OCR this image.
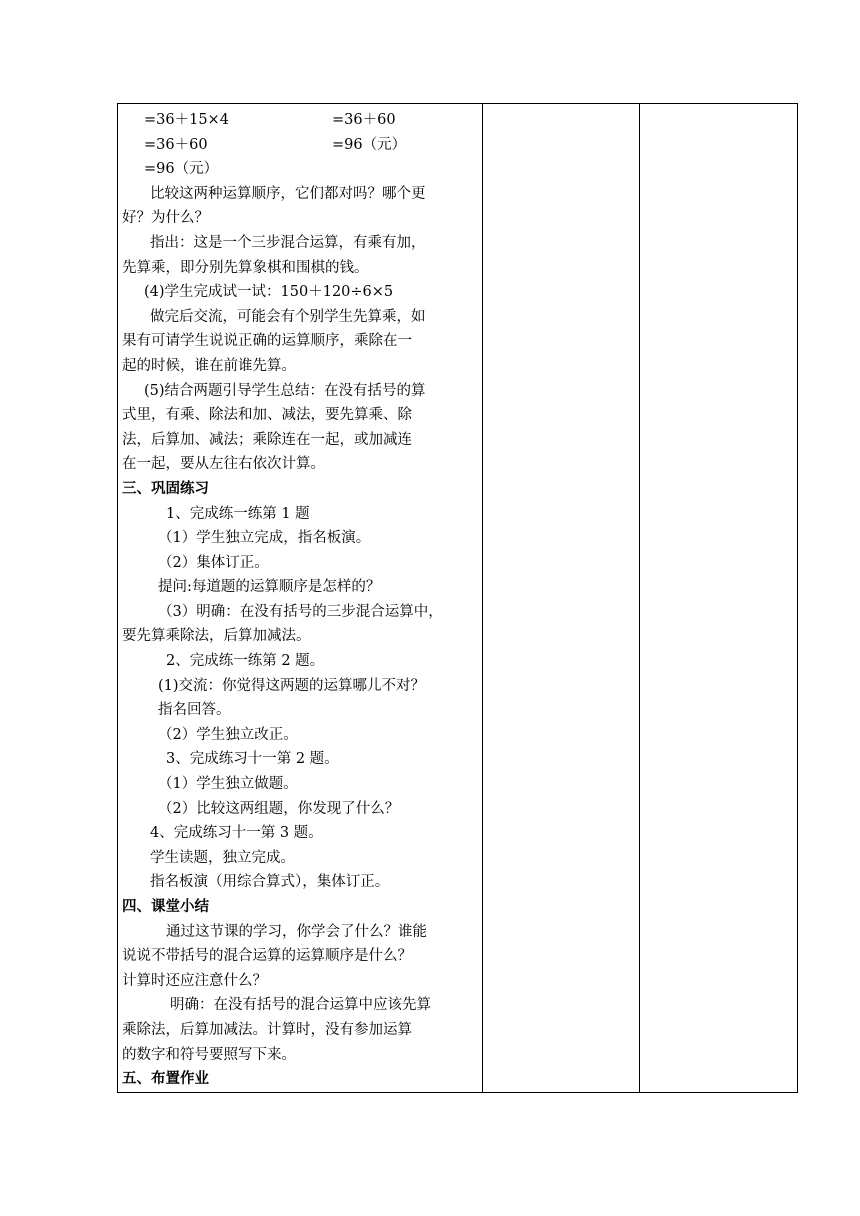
=36＋15×4	=36＋60
=36＋60	=96（元）
=96（元）
比较这两种运算顺序，它们都对吗？哪个更
好？为什么？
指出：这是一个三步混合运算，有乘有加，
先算乘，即分别先算象棋和围棋的钱。
(4)学生完成试一试：150＋120÷6×5
做完后交流，可能会有个别学生先算乘，如
果有可请学生说说正确的运算顺序，乘除在一
起的时候，谁在前谁先算。
(5)结合两题引导学生总结：在没有括号的算
式里，有乘、除法和加、减法，要先算乘、除
法，后算加、减法；乘除连在一起，或加减连
在一起，要从左往右依次计算。
三、巩固练习
1、完成练一练第 1 题
（1）学生独立完成，指名板演。
（2）集体订正。
提问:每道题的运算顺序是怎样的？
（3）明确：在没有括号的三步混合运算中，
要先算乘除法，后算加减法。
2、完成练一练第 2 题。
(1)交流：你觉得这两题的运算哪儿不对？
指名回答。
（2）学生独立改正。
3、完成练习十一第 2 题。
（1）学生独立做题。
（2）比较这两组题，你发现了什么？
4、完成练习十一第 3 题。
学生读题，独立完成。
指名板演（用综合算式），集体订正。
四、课堂小结
通过这节课的学习，你学会了什么？谁能
说说不带括号的混合运算的运算顺序是什么？
计算时还应注意什么？
明确：在没有括号的混合运算中应该先算
乘除法，后算加减法。计算时，没有参加运算
的数字和符号要照写下来。
五、布置作业
